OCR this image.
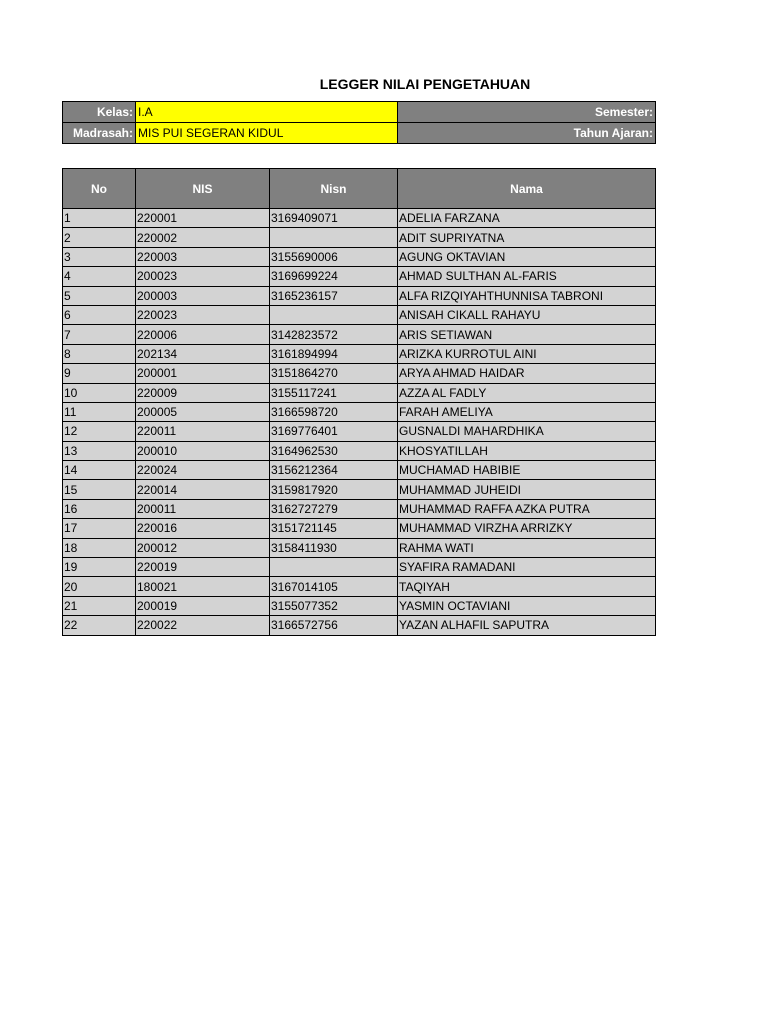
LEGGER NILAI PENGETAHUAN
Kelas:	I.A	Semester:
Madrasah:	MIS PUI SEGERAN KIDUL	Tahun Ajaran:
No	NIS	Nisn	Nama
1	220001	3169409071	ADELIA FARZANA
2	220002		ADIT SUPRIYATNA
3	220003	3155690006	AGUNG OKTAVIAN
4	200023	3169699224	AHMAD SULTHAN AL-FARIS
5	200003	3165236157	ALFA RIZQIYAHTHUNNISA TABRONI
6	220023		ANISAH CIKALL RAHAYU
7	220006	3142823572	ARIS SETIAWAN
8	202134	3161894994	ARIZKA KURROTUL AINI
9	200001	3151864270	ARYA AHMAD HAIDAR
10	220009	3155117241	AZZA AL FADLY
11	200005	3166598720	FARAH AMELIYA
12	220011	3169776401	GUSNALDI MAHARDHIKA
13	200010	3164962530	KHOSYATILLAH
14	220024	3156212364	MUCHAMAD HABIBIE
15	220014	3159817920	MUHAMMAD JUHEIDI
16	200011	3162727279	MUHAMMAD RAFFA AZKA PUTRA
17	220016	3151721145	MUHAMMAD VIRZHA ARRIZKY
18	200012	3158411930	RAHMA WATI
19	220019		SYAFIRA RAMADANI
20	180021	3167014105	TAQIYAH
21	200019	3155077352	YASMIN OCTAVIANI
22	220022	3166572756	YAZAN ALHAFIL SAPUTRA
